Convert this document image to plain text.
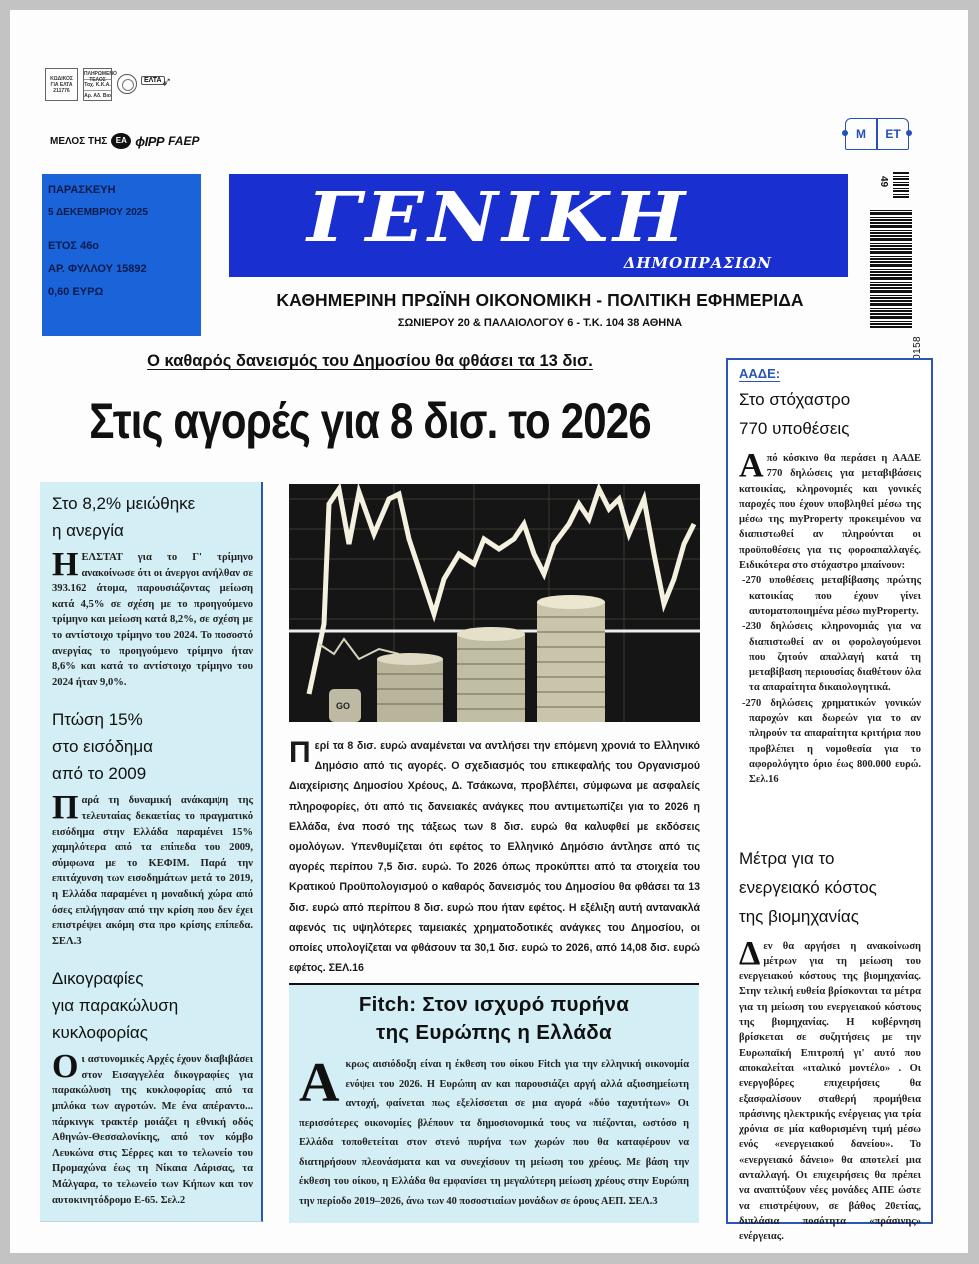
ΚΩΔΙΚΟΣ
ΓΙΑ ΕΛΤΑ
211776
ΠΛΗΡΩΜΕΝΟ ΤΕΛΟΣ
Ταχ. Κ.Κ.Α.
Αρ. Αδ. Βιο
ΕΛΤΑ ➶
ΜΕΛΟΣ ΤΗΣ	ΕΑ ϕIPP FAEP
ΠΑΡΑΣΚΕΥΗ
5 ΔΕΚΕΜΒΡΙΟΥ 2025
ΕΤΟΣ 46ο
ΑΡ. ΦΥΛΛΟΥ 15892
0,60 ΕΥΡΩ
ΓΕΝΙΚΗ
ΔΗΜΟΠΡΑΣΙΩΝ
ΚΑΘΗΜΕΡΙΝΗ ΠΡΩΪΝΗ ΟΙΚΟΝΟΜΙΚΗ - ΠΟΛΙΤΙΚΗ ΕΦΗΜΕΡΙΔΑ
ΣΩΝΙΕΡΟΥ 20 & ΠΑΛΑΙΟΛΟΓΟΥ 6 - Τ.Κ. 104 38 ΑΘΗΝΑ
Μ	ΕΤ
49
Ο καθαρός δανεισμός του Δημοσίου θα φθάσει τα 13 δισ.
Στις αγορές για 8 δισ. το 2026
Στο 8,2% μειώθηκε
η ανεργία
ΗΕΛΣΤΑΤ για το Γ' τρίμηνο ανακοίνωσε ότι οι άνεργοι ανήλθαν σε 393.162 άτομα, παρουσιάζοντας μείωση κατά 4,5% σε σχέση με το προηγούμενο τρίμηνο και μείωση κατά 8,2%, σε σχέση με το αντίστοιχο τρίμηνο του 2024. Το ποσοστό ανεργίας το προηγούμενο τρίμηνο ήταν 8,6% και κατά το αντίστοιχο τρίμηνο του 2024 ήταν 9,0%.
Πτώση 15%
στο εισόδημα
από το 2009
Παρά τη δυναμική ανάκαμψη της τελευταίας δεκαετίας το πραγματικό εισόδημα στην Ελλάδα παραμένει 15% χαμηλότερα από τα επίπεδα του 2009, σύμφωνα με το ΚΕΦΙΜ. Παρά την επιτάχυνση των εισοδημάτων μετά το 2019, η Ελλάδα παραμένει η μοναδική χώρα από όσες επλήγησαν από την κρίση που δεν έχει επιστρέψει ακόμη στα προ κρίσης επίπεδα. ΣΕΛ.3
Δικογραφίες
για παρακώλυση
κυκλοφορίας
Οι αστυνομικές Αρχές έχουν διαβιβάσει στον Εισαγγελέα δικογραφίες για παρακώλυση της κυκλοφορίας από τα μπλόκα των αγροτών. Με ένα απέραντο... πάρκινγκ τρακτέρ μοιάζει η εθνική οδός Αθηνών-Θεσσαλονίκης, από τον κόμβο Λευκώνα στις Σέρρες και το τελωνείο του Προμαχώνα έως τη Νίκαια Λάρισας, τα Μάλγαρα, το τελωνείο των Κήπων και τον αυτοκινητόδρομο Ε-65. Σελ.2
GO
Περί τα 8 δισ. ευρώ αναμένεται να αντλήσει την επόμενη χρονιά το Ελληνικό Δημόσιο από τις αγορές. Ο σχεδιασμός του επικεφαλής του Οργανισμού Διαχείρισης Δημοσίου Χρέους, Δ. Τσάκωνα, προβλέπει, σύμφωνα με ασφαλείς πληροφορίες, ότι από τις δανειακές ανάγκες που αντιμετωπίζει για το 2026 η Ελλάδα, ένα ποσό της τάξεως των 8 δισ. ευρώ θα καλυφθεί με εκδόσεις ομολόγων. Υπενθυμίζεται ότι εφέτος το Ελληνικό Δημόσιο άντλησε από τις αγορές περίπου 7,5 δισ. ευρώ. Το 2026 όπως προκύπτει από τα στοιχεία του Κρατικού Προϋπολογισμού ο καθαρός δανεισμός του Δημοσίου θα φθάσει τα 13 δισ. ευρώ από περίπου 8 δισ. ευρώ που ήταν εφέτος. Η εξέλιξη αυτή αντανακλά αφενός τις υψηλότερες ταμειακές χρηματοδοτικές ανάγκες του Δημοσίου, οι οποίες υπολογίζεται να φθάσουν τα 30,1 δισ. ευρώ το 2026, από 14,08 δισ. ευρώ εφέτος. ΣΕΛ.16
Fitch: Στον ισχυρό πυρήνα
της Ευρώπης η Ελλάδα
Ακρως αισιόδοξη είναι η έκθεση του οίκου Fitch για την ελληνική οικονομία ενόψει του 2026. Η Ευρώπη αν και παρουσιάζει αργή αλλά αξιοσημείωτη αντοχή, φαίνεται πως εξελίσσεται σε μια αγορά «δύο ταχυτήτων» Οι περισσότερες οικονομίες βλέπουν τα δημοσιονομικά τους να πιέζονται, ωστόσο η Ελλάδα τοποθετείται στον στενό πυρήνα των χωρών που θα καταφέρουν να διατηρήσουν πλεονάσματα και να συνεχίσουν τη μείωση του χρέους. Με βάση την έκθεση του οίκου, η Ελλάδα θα εμφανίσει τη μεγαλύτερη μείωση χρέους στην Ευρώπη την περίοδο 2019–2026, άνω των 40 ποσοστιαίων μονάδων σε όρους ΑΕΠ. ΣΕΛ.3
ΑΑΔΕ:
Στο στόχαστρο
770 υποθέσεις
Από κόσκινο θα περάσει η ΑΑΔΕ 770 δηλώσεις για μεταβιβάσεις κατοικίας, κληρονομιές και γονικές παροχές που έχουν υποβληθεί μέσω της μέσω της myProperty προκειμένου να διαπιστωθεί αν πληρούνται οι προϋποθέσεις για τις φοροαπαλλαγές. Ειδικότερα στο στόχαστρο μπαίνουν:
-270 υποθέσεις μεταβίβασης πρώτης κατοικίας που έχουν γίνει αυτοματοποιημένα μέσω myProperty.
-230 δηλώσεις κληρονομιάς για να διαπιστωθεί αν οι φορολογούμενοι που ζητούν απαλλαγή κατά τη μεταβίβαση περιουσίας διαθέτουν όλα τα απαραίτητα δικαιολογητικά.
-270 δηλώσεις χρηματικών γονικών παροχών και δωρεών για το αν πληρούν τα απαραίτητα κριτήρια που προβλέπει η νομοθεσία για το αφορολόγητο όριο έως 800.000 ευρώ. Σελ.16
Μέτρα για το
ενεργειακό κόστος
της βιομηχανίας
Δεν θα αργήσει η ανακοίνωση μέτρων για τη μείωση του ενεργειακού κόστους της βιομηχανίας. Στην τελική ευθεία βρίσκονται τα μέτρα για τη μείωση του ενεργειακού κόστους της βιομηχανίας. Η κυβέρνηση βρίσκεται σε συζητήσεις με την Ευρωπαϊκή Επιτροπή γι' αυτό που αποκαλείται «ιταλικό μοντέλο» . Οι ενεργοβόρες επιχειρήσεις θα εξασφαλίσουν σταθερή προμήθεια πράσινης ηλεκτρικής ενέργειας για τρία χρόνια σε μία καθορισμένη τιμή μέσω ενός «ενεργειακού δανείου». Το «ενεργειακό δάνειο» θα αποτελεί μια ανταλλαγή. Οι επιχειρήσεις θα πρέπει να αναπτύξουν νέες μονάδες ΑΠΕ ώστε να επιστρέψουν, σε βάθος 20ετίας, διπλάσια ποσότητα «πράσινης» ενέργειας.
